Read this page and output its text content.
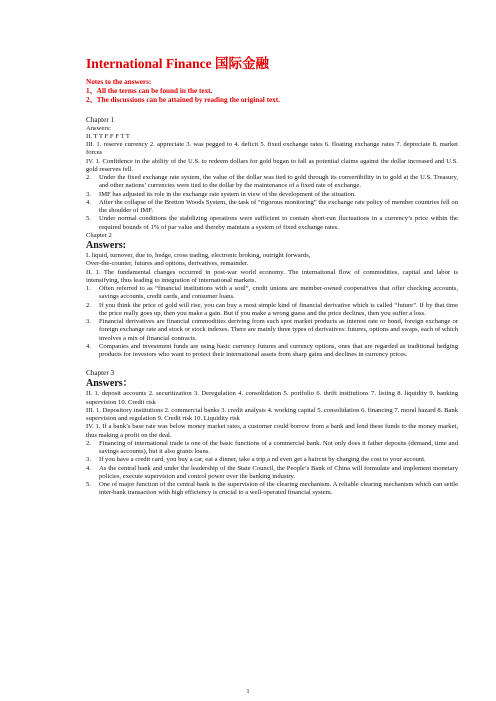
International Finance 国际金融
Notes to the answers:
1、All the terms can be found in the text.
2、The discussions can be attained by reading the original text.
Chapter 1
Answers:
II. T T F F F T T
III. 1. reserve currency 2. appreciate 3. was pegged to 4. deficit 5. fixed exchange rates 6. floating exchange rates 7. depreciate 8. market forces
IV. 1. Confidence in the ability of the U.S. to redeem dollars for gold began to fall as potential claims against the dollar increased and U.S. gold reserves fell.
2. Under the fixed exchange rate system, the value of the dollar was tied to gold through its convertibility in to gold at the U.S. Treasury, and other nations’ currencies were tied to the dollar by the maintenance of a fixed rate of exchange.
3. IMF has adjusted its role in the exchange rate system in view of the development of the situation.
4. After the collapse of the Bretton Woods System, the task of “rigorous monitoring” the exchange rate policy of member countries fell on the shoulder of IMF.
5. Under normal conditions the stabilizing operations were sufficient to contain short-run fluctuations in a currency’s price within the required bounds of 1% of par value and thereby maintain a system of fixed exchange rates.
Chapter 2
Answers:
I. liquid, turnover, due to, hedge, cross trading, electronic broking, outright forwards,
Over-the-counter, futures and options, derivatives, remainder.
II. 1. The fundamental changes occurred in post-war world economy. The international flow of commodities, capital and labor is intensifying, thus leading to integration of international markets.
1. Often referred to as “financial institutions with a soul”, credit unions are member-owned cooperatives that offer checking accounts, savings accounts, credit cards, and consumer loans.
2. If you think the price of gold will rise, you can buy a most simple kind of financial derivative which is called “future”. If by that time the price really goes up, then you make a gain. But if you make a wrong guess and the price declines, then you suffer a loss.
3. Financial derivatives are financial commodities deriving from such spot market products as interest rate or bond, foreign exchange or foreign exchange rate and stock or stock indexes. There are mainly three types of derivatives: futures, options and swaps, each of which involves a mix of financial contracts.
4. Companies and investment funds are using basic currency futures and currency options, ones that are regarded as traditional hedging products for investors who want to protect their international assets from sharp gains and declines in currency prices.
Chapter 3
Answers：
II. 1. deposit accounts 2. securitization 3. Deregulation 4. consolidation 5. portfolio 6. thrift institutions 7. listing 8. liquidity 9. banking supervision 10. Credit risk
III. 1. Depository institutions 2. commercial banks 3. credit analysis 4. working capital 5. consolidation 6. financing 7. moral hazard 8. Bank supervision and regulation 9. Credit risk 10. Liquidity risk
IV. 1. If a bank’s base rate was below money market rates, a customer could borrow from a bank and lend these funds to the money market, thus making a profit on the deal.
2. Financing of international trade is one of the basic functions of a commercial bank. Not only does it father deposits (demand, time and savings accounts), but it also grants loans.
3. If you have a credit card, you buy a car, eat a dinner, take a trip,a nd even get a haircut by charging the cost to your account.
4. As the central bank and under the leadership of the State Council, the People’s Bank of China will formulate and implement monetary policies, execute supervision and control power over the banking industry.
5. One of major function of the central bank is the supervision of the clearing mechanism. A reliable clearing mechanism which can settle inter-bank transaction with high efficiency is crucial to a well-operated financial system.
1
